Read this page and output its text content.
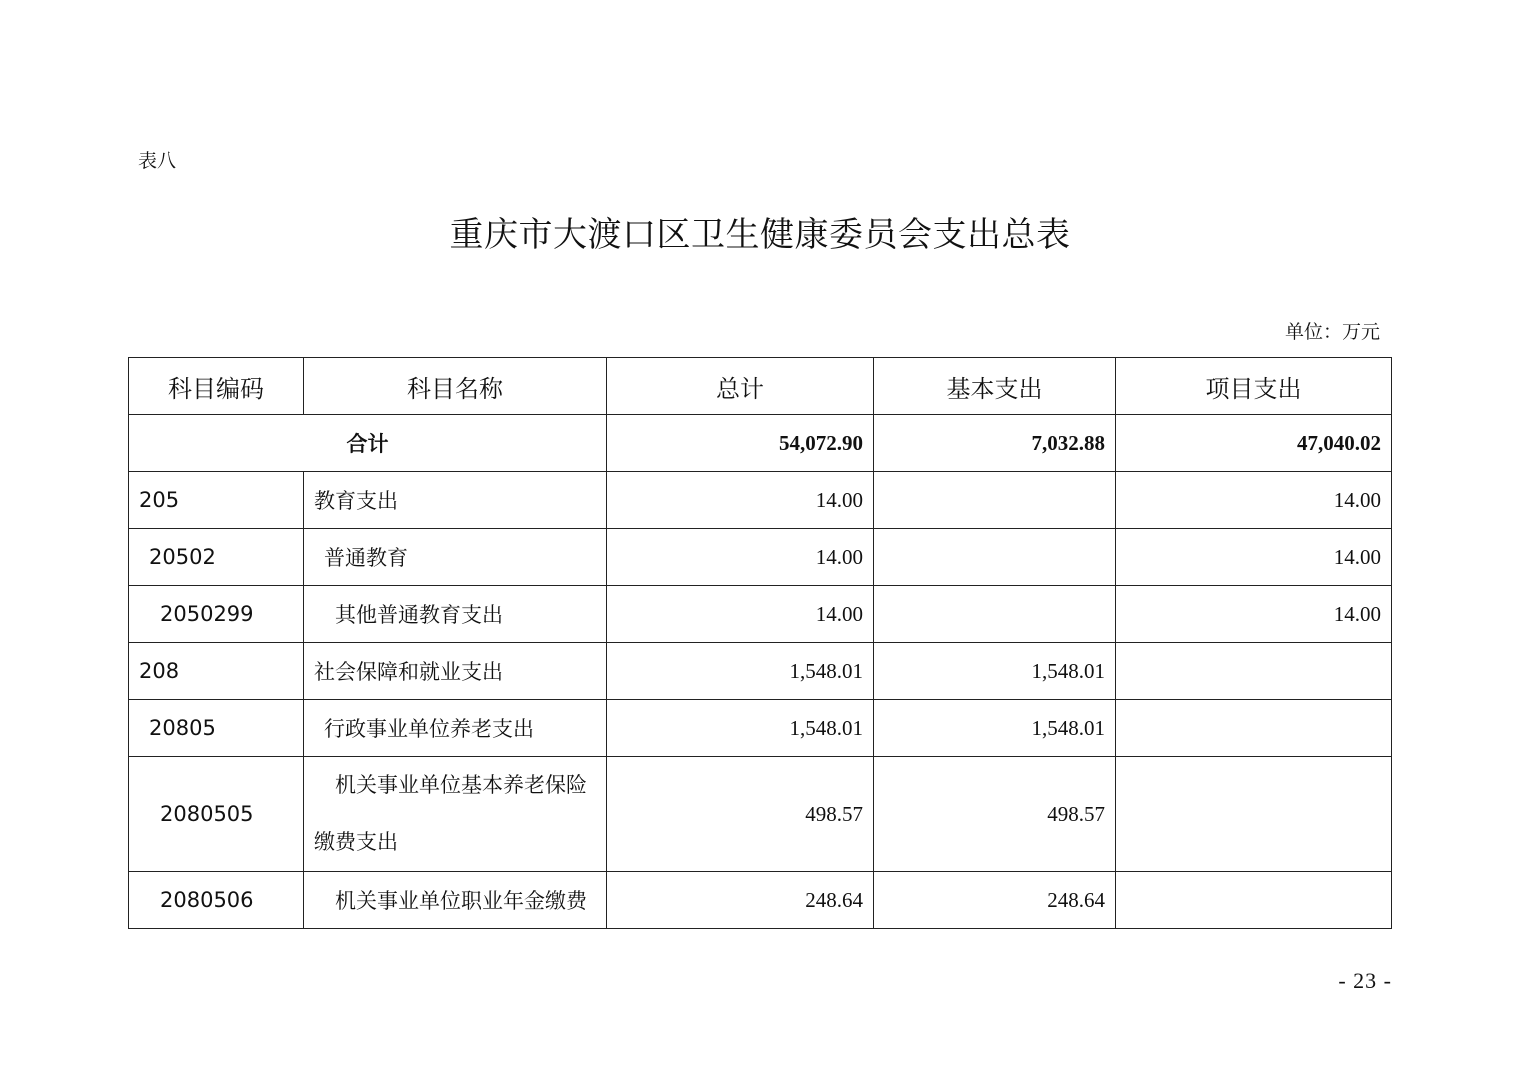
表八
重庆市大渡口区卫生健康委员会支出总表
单位：万元
科目编码	科目名称	总计	基本支出	项目支出
合计		54,072.90	7,032.88	47,040.02
205	教育支出	14.00		14.00
20502	普通教育	14.00		14.00
2050299	其他普通教育支出	14.00		14.00
208	社会保障和就业支出	1,548.01	1,548.01	
20805	行政事业单位养老支出	1,548.01	1,548.01	
2080505	机关事业单位基本养老保险
缴费支出	498.57	498.57	
2080506	机关事业单位职业年金缴费	248.64	248.64	
- 23 -
